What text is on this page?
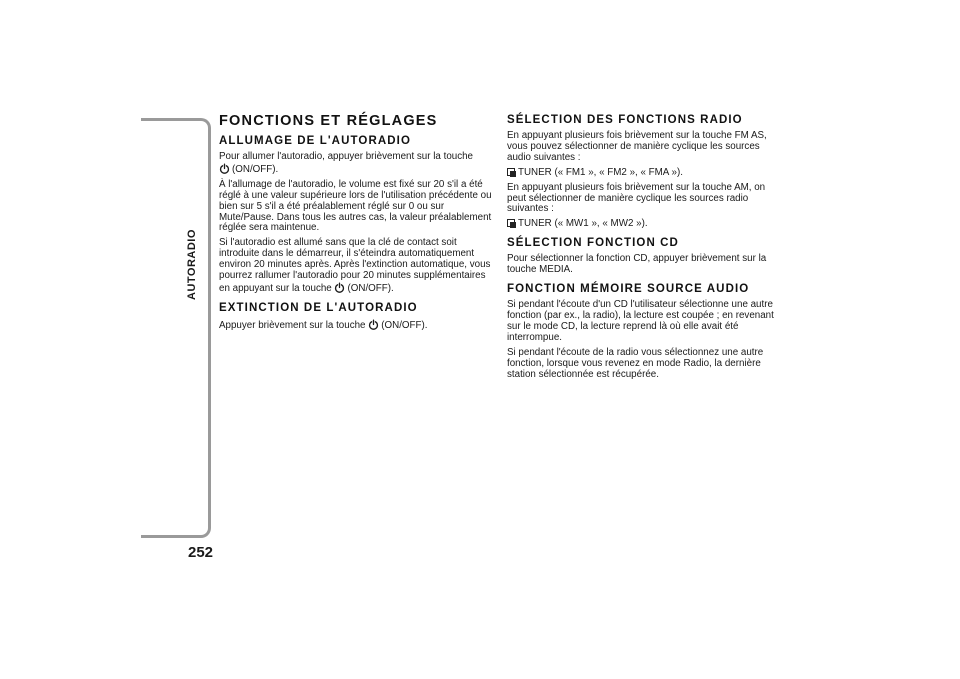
AUTORADIO
252
FONCTIONS ET RÉGLAGES
ALLUMAGE DE L'AUTORADIO

Pour allumer l'autoradio, appuyer brièvement sur la touche
(ON/OFF).

À l'allumage de l'autoradio, le volume est fixé sur 20 s'il a été réglé à une valeur supérieure lors de l'utilisation précédente ou bien sur 5 s'il a été préalablement réglé sur 0 ou sur Mute/Pause. Dans tous les autres cas, la valeur préalablement réglée sera maintenue.

Si l'autoradio est allumé sans que la clé de contact soit introduite dans le démarreur, il s'éteindra automatiquement environ 20 minutes après. Après l'extinction automatique, vous pourrez rallumer l'autoradio pour 20 minutes supplémentaires en appuyant sur la touche (ON/OFF).

EXTINCTION DE L'AUTORADIO

Appuyer brièvement sur la touche (ON/OFF).

SÉLECTION DES FONCTIONS RADIO

En appuyant plusieurs fois brièvement sur la touche FM AS, vous pouvez sélectionner de manière cyclique les sources audio suivantes :

TUNER (« FM1 », « FM2 », « FMA »).

En appuyant plusieurs fois brièvement sur la touche AM, on peut sélectionner de manière cyclique les sources radio suivantes :

TUNER (« MW1 », « MW2 »).

SÉLECTION FONCTION CD

Pour sélectionner la fonction CD, appuyer brièvement sur la touche MEDIA.

FONCTION MÉMOIRE SOURCE AUDIO

Si pendant l'écoute d'un CD l'utilisateur sélectionne une autre fonction (par ex., la radio), la lecture est coupée ; en revenant sur le mode CD, la lecture reprend là où elle avait été interrompue.

Si pendant l'écoute de la radio vous sélectionnez une autre fonction, lorsque vous revenez en mode Radio, la dernière station sélectionnée est récupérée.
